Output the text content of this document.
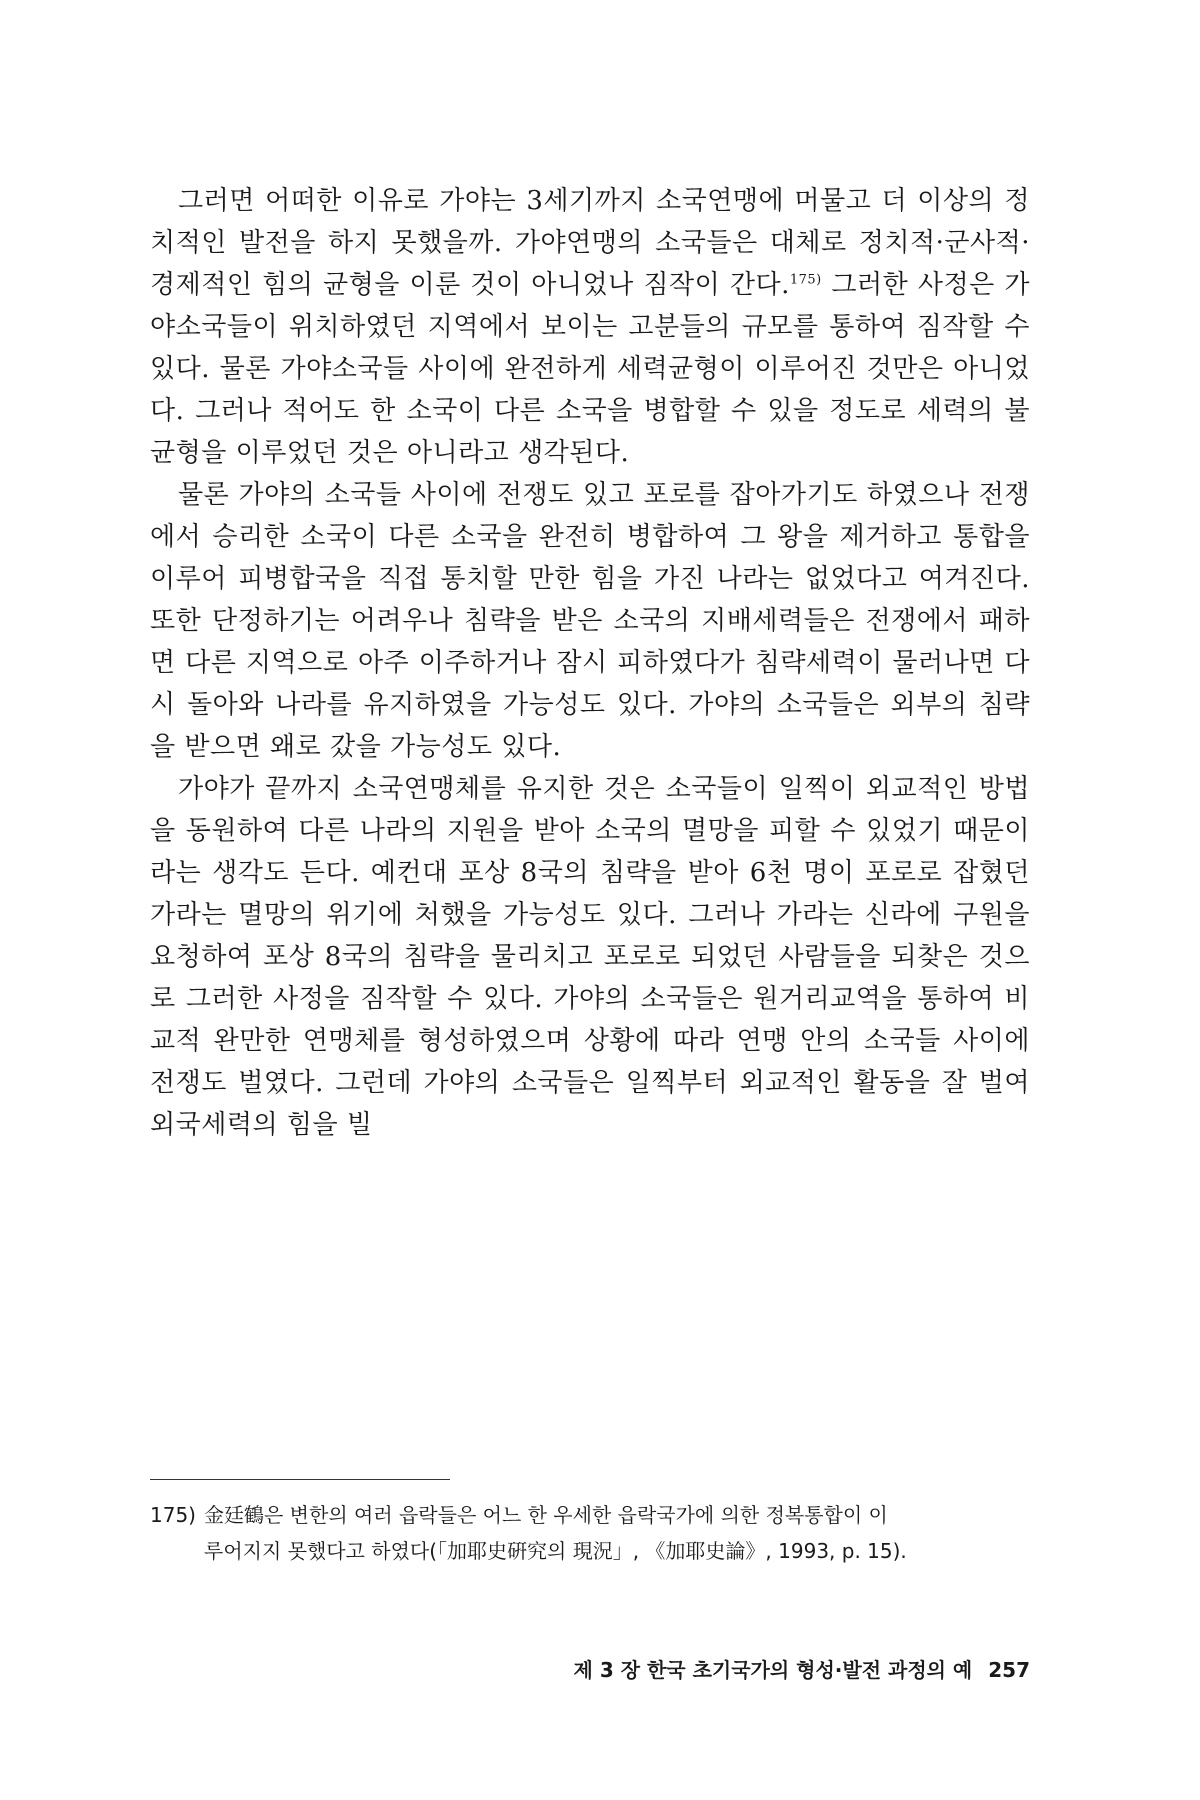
그러면 어떠한 이유로 가야는 3세기까지 소국연맹에 머물고 더 이상의 정치적인 발전을 하지 못했을까. 가야연맹의 소국들은 대체로 정치적·군사적·경제적인 힘의 균형을 이룬 것이 아니었나 짐작이 간다.$^{175)}$ 그러한 사정은 가야소국들이 위치하였던 지역에서 보이는 고분들의 규모를 통하여 짐작할 수 있다. 물론 가야소국들 사이에 완전하게 세력균형이 이루어진 것만은 아니었다. 그러나 적어도 한 소국이 다른 소국을 병합할 수 있을 정도로 세력의 불균형을 이루었던 것은 아니라고 생각된다.

물론 가야의 소국들 사이에 전쟁도 있고 포로를 잡아가기도 하였으나 전쟁에서 승리한 소국이 다른 소국을 완전히 병합하여 그 왕을 제거하고 통합을 이루어 피병합국을 직접 통치할 만한 힘을 가진 나라는 없었다고 여겨진다. 또한 단정하기는 어려우나 침략을 받은 소국의 지배세력들은 전쟁에서 패하면 다른 지역으로 아주 이주하거나 잠시 피하였다가 침략세력이 물러나면 다시 돌아와 나라를 유지하였을 가능성도 있다. 가야의 소국들은 외부의 침략을 받으면 왜로 갔을 가능성도 있다.

가야가 끝까지 소국연맹체를 유지한 것은 소국들이 일찍이 외교적인 방법을 동원하여 다른 나라의 지원을 받아 소국의 멸망을 피할 수 있었기 때문이라는 생각도 든다. 예컨대 포상 8국의 침략을 받아 6천 명이 포로로 잡혔던 가라는 멸망의 위기에 처했을 가능성도 있다. 그러나 가라는 신라에 구원을 요청하여 포상 8국의 침략을 물리치고 포로로 되었던 사람들을 되찾은 것으로 그러한 사정을 짐작할 수 있다. 가야의 소국들은 원거리교역을 통하여 비교적 완만한 연맹체를 형성하였으며 상황에 따라 연맹 안의 소국들 사이에 전쟁도 벌였다. 그런데 가야의 소국들은 일찍부터 외교적인 활동을 잘 벌여 외국세력의 힘을 빌

175) 金廷鶴은 변한의 여러 읍락들은 어느 한 우세한 읍락국가에 의한 정복통합이 이
루어지지 못했다고 하였다(「加耶史硏究의 現況」, 《加耶史論》, 1993, p. 15).
제 3 장 한국 초기국가의 형성·발전 과정의 예 257
